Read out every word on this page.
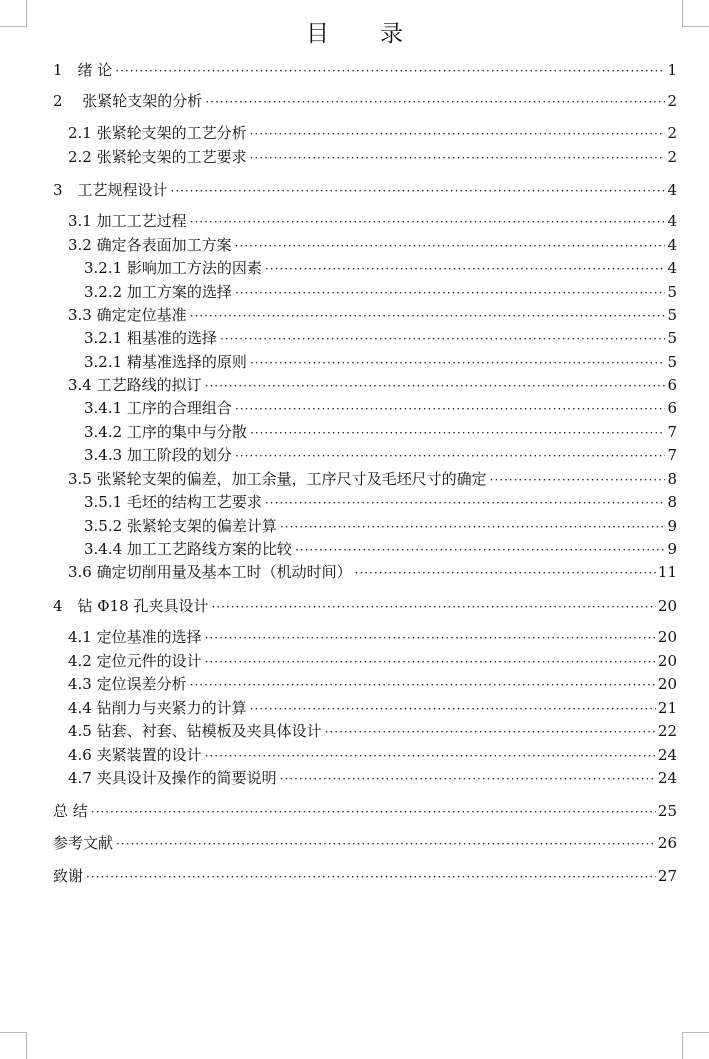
目　录
1　绪 论 ·····	1
2　 张紧轮支架的分析 ·····	2
2.1 张紧轮支架的工艺分析 ·····	2
2.2 张紧轮支架的工艺要求 ·····	2
3　工艺规程设计 ·····	4
3.1 加工工艺过程 ·····	4
3.2 确定各表面加工方案 ·····	4
3.2.1 影响加工方法的因素 ·····	4
3.2.2 加工方案的选择 ·····	5
3.3 确定定位基准 ·····	5
3.2.1 粗基准的选择 ·····	5
3.2.1 精基准选择的原则 ·····	5
3.4 工艺路线的拟订 ·····	6
3.4.1 工序的合理组合 ·····	6
3.4.2 工序的集中与分散 ·····	7
3.4.3 加工阶段的划分 ·····	7
3.5 张紧轮支架的偏差，加工余量，工序尺寸及毛坯尺寸的确定 ·····	8
3.5.1 毛坯的结构工艺要求 ·····	8
3.5.2 张紧轮支架的偏差计算 ·····	9
3.4.4 加工工艺路线方案的比较 ·····	9
3.6 确定切削用量及基本工时（机动时间） ·····	11
4　钻 Φ18 孔夹具设计 ·····	20
4.1 定位基准的选择 ·····	20
4.2 定位元件的设计 ·····	20
4.3 定位误差分析 ·····	20
4.4 钻削力与夹紧力的计算 ·····	21
4.5 钻套、衬套、钻模板及夹具体设计 ·····	22
4.6 夹紧装置的设计 ·····	24
4.7 夹具设计及操作的简要说明 ·····	24
总 结 ·····	25
参考文献 ·····	26
致谢 ·····	27
